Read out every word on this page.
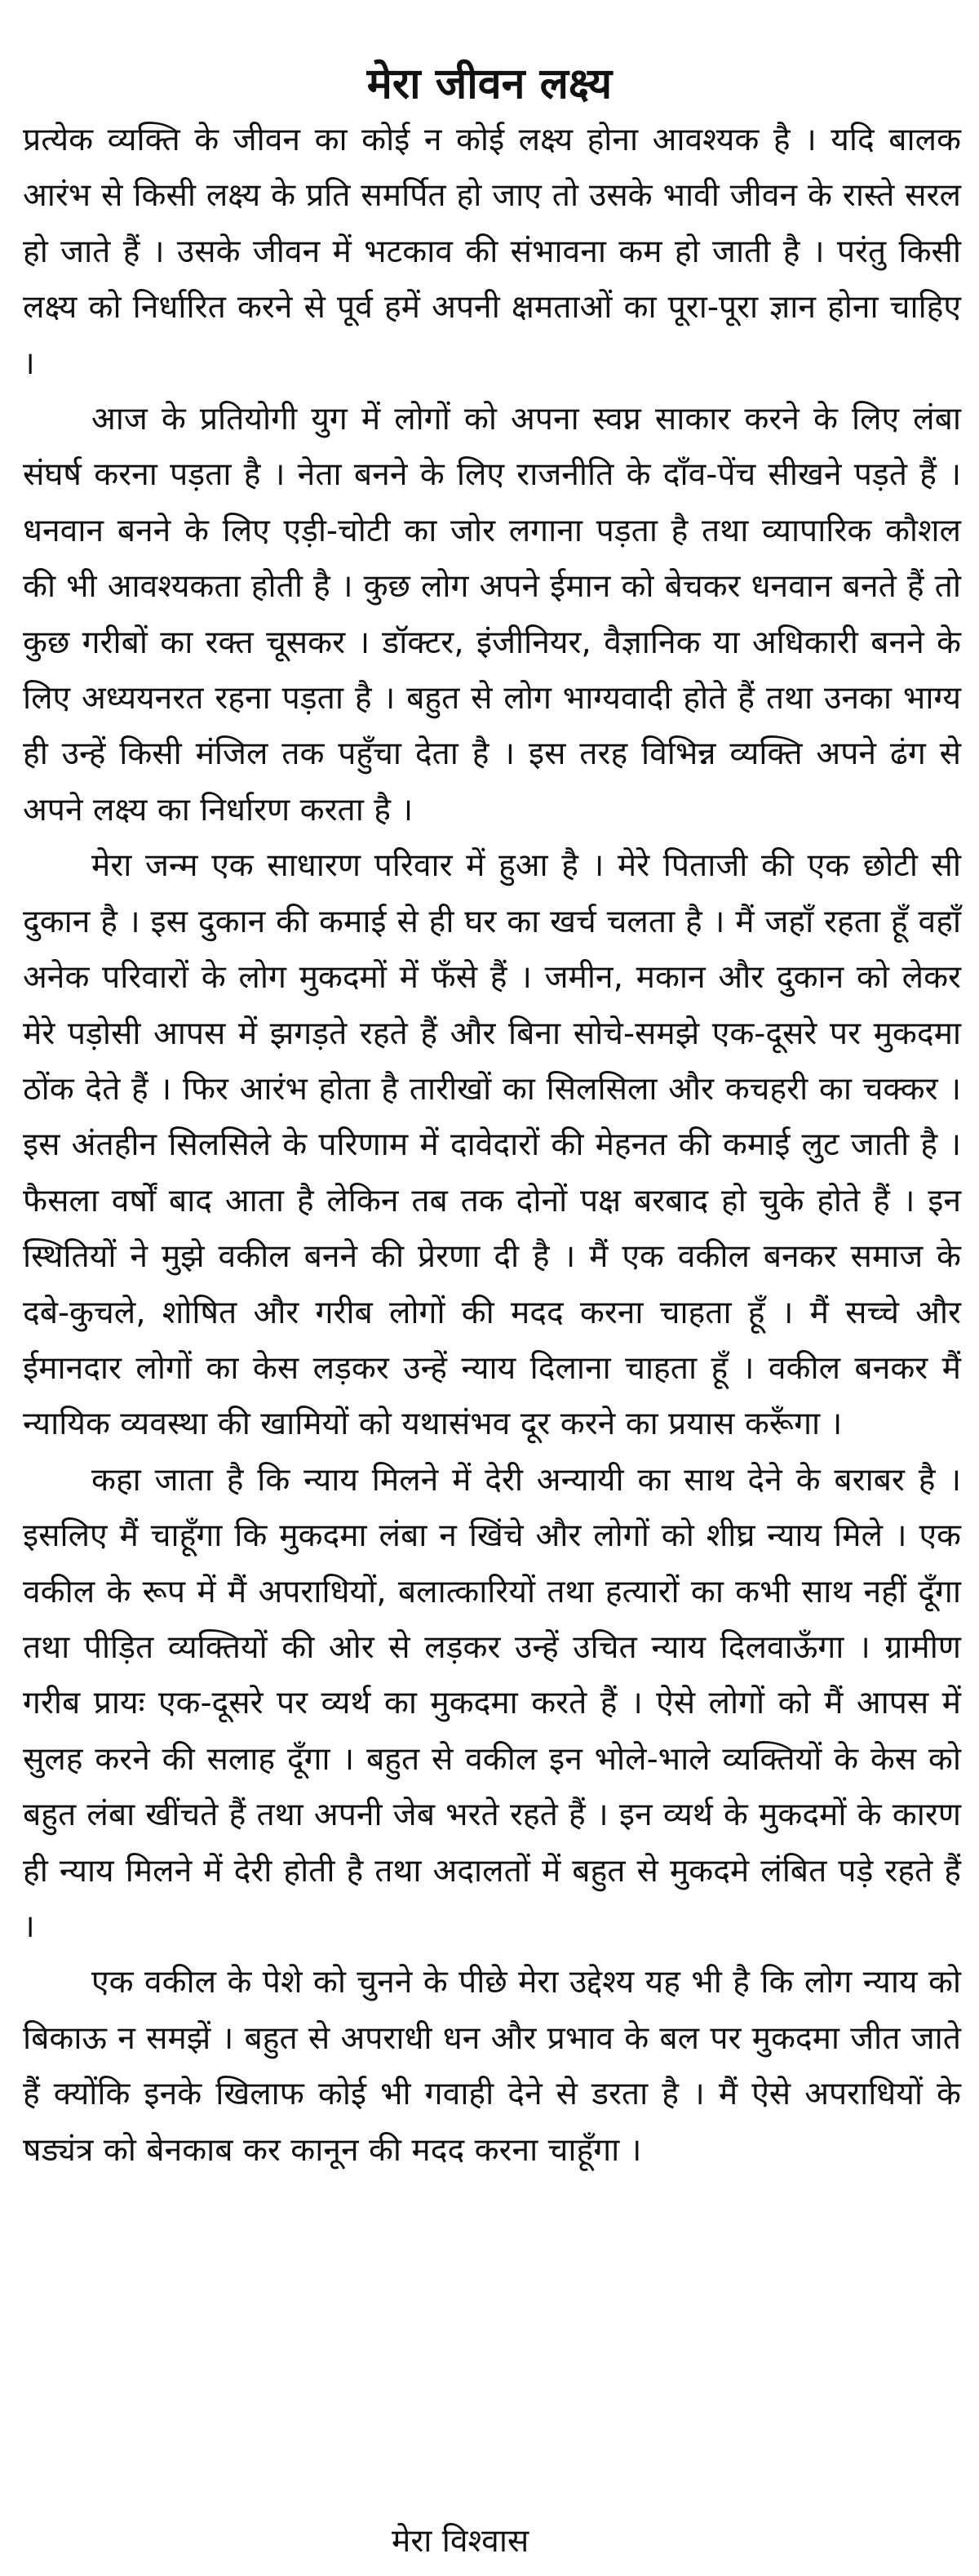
मेरा जीवन लक्ष्य

प्रत्येक व्यक्ति के जीवन का कोई न कोई लक्ष्य होना आवश्यक है । यदि बालक आरंभ से किसी लक्ष्य के प्रति समर्पित हो जाए तो उसके भावी जीवन के रास्ते सरल हो जाते हैं । उसके जीवन में भटकाव की संभावना कम हो जाती है । परंतु किसी लक्ष्य को निर्धारित करने से पूर्व हमें अपनी क्षमताओं का पूरा-पूरा ज्ञान होना चाहिए ।

आज के प्रतियोगी युग में लोगों को अपना स्वप्न साकार करने के लिए लंबा संघर्ष करना पड़ता है । नेता बनने के लिए राजनीति के दाँव-पेंच सीखने पड़ते हैं । धनवान बनने के लिए एड़ी-चोटी का जोर लगाना पड़ता है तथा व्यापारिक कौशल की भी आवश्यकता होती है । कुछ लोग अपने ईमान को बेचकर धनवान बनते हैं तो कुछ गरीबों का रक्त चूसकर । डॉक्टर, इंजीनियर, वैज्ञानिक या अधिकारी बनने के लिए अध्ययनरत रहना पड़ता है । बहुत से लोग भाग्यवादी होते हैं तथा उनका भाग्य ही उन्हें किसी मंजिल तक पहुँचा देता है । इस तरह विभिन्न व्यक्ति अपने ढंग से अपने लक्ष्य का निर्धारण करता है ।

मेरा जन्म एक साधारण परिवार में हुआ है । मेरे पिताजी की एक छोटी सी दुकान है । इस दुकान की कमाई से ही घर का खर्च चलता है । मैं जहाँ रहता हूँ वहाँ अनेक परिवारों के लोग मुकदमों में फँसे हैं । जमीन, मकान और दुकान को लेकर मेरे पड़ोसी आपस में झगड़ते रहते हैं और बिना सोचे-समझे एक-दूसरे पर मुकदमा ठोंक देते हैं । फिर आरंभ होता है तारीखों का सिलसिला और कचहरी का चक्कर । इस अंतहीन सिलसिले के परिणाम में दावेदारों की मेहनत की कमाई लुट जाती है । फैसला वर्षों बाद आता है लेकिन तब तक दोनों पक्ष बरबाद हो चुके होते हैं । इन स्थितियों ने मुझे वकील बनने की प्रेरणा दी है । मैं एक वकील बनकर समाज के दबे-कुचले, शोषित और गरीब लोगों की मदद करना चाहता हूँ । मैं सच्चे और ईमानदार लोगों का केस लड़कर उन्हें न्याय दिलाना चाहता हूँ । वकील बनकर मैं न्यायिक व्यवस्था की खामियों को यथासंभव दूर करने का प्रयास करूँगा ।

कहा जाता है कि न्याय मिलने में देरी अन्यायी का साथ देने के बराबर है । इसलिए मैं चाहूँगा कि मुकदमा लंबा न खिंचे और लोगों को शीघ्र न्याय मिले । एक वकील के रूप में मैं अपराधियों, बलात्कारियों तथा हत्यारों का कभी साथ नहीं दूँगा तथा पीड़ित व्यक्तियों की ओर से लड़कर उन्हें उचित न्याय दिलवाऊँगा । ग्रामीण गरीब प्रायः एक-दूसरे पर व्यर्थ का मुकदमा करते हैं । ऐसे लोगों को मैं आपस में सुलह करने की सलाह दूँगा । बहुत से वकील इन भोले-भाले व्यक्तियों के केस को बहुत लंबा खींचते हैं तथा अपनी जेब भरते रहते हैं । इन व्यर्थ के मुकदमों के कारण ही न्याय मिलने में देरी होती है तथा अदालतों में बहुत से मुकदमे लंबित पड़े रहते हैं ।

एक वकील के पेशे को चुनने के पीछे मेरा उद्देश्य यह भी है कि लोग न्याय को बिकाऊ न समझें । बहुत से अपराधी धन और प्रभाव के बल पर मुकदमा जीत जाते हैं क्योंकि इनके खिलाफ कोई भी गवाही देने से डरता है । मैं ऐसे अपराधियों के षड्यंत्र को बेनकाब कर कानून की मदद करना चाहूँगा ।

मेरा विश्वास
